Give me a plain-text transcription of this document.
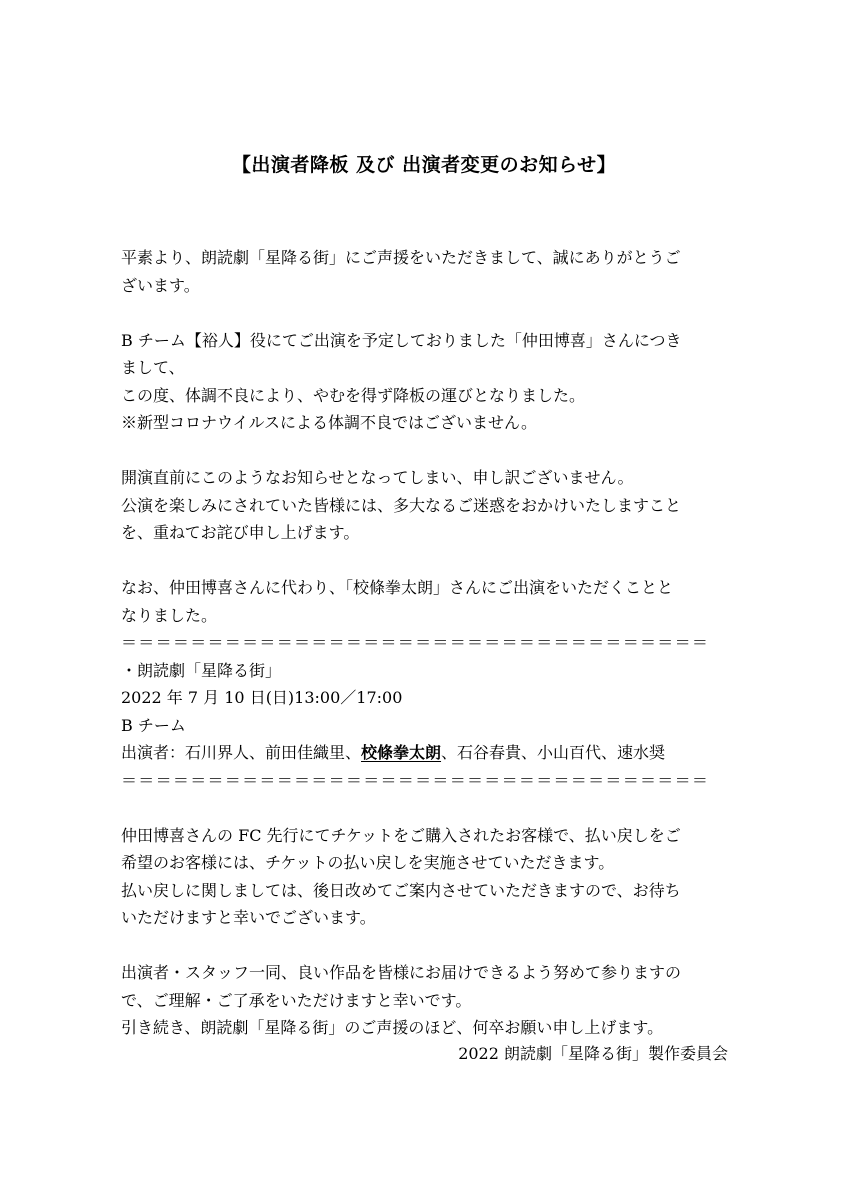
【出演者降板 及び 出演者変更のお知らせ】

平素より、朗読劇「星降る街」にご声援をいただきまして、誠にありがとうご

ざいます。

B チーム【裕人】役にてご出演を予定しておりました「仲田博喜」さんにつき

まして、

この度、体調不良により、やむを得ず降板の運びとなりました。

※新型コロナウイルスによる体調不良ではございません。

開演直前にこのようなお知らせとなってしまい、申し訳ございません。

公演を楽しみにされていた皆様には、多大なるご迷惑をおかけいたしますこと

を、重ねてお詫び申し上げます。

なお、仲田博喜さんに代わり、「校條拳太朗」さんにご出演をいただくことと

なりました。

＝＝＝＝＝＝＝＝＝＝＝＝＝＝＝＝＝＝＝＝＝＝＝＝＝＝＝＝＝＝＝＝＝＝

・朗読劇「星降る街」

2022 年 7 月 10 日(日)13:00／17:00

B チーム

出演者：石川界人、前田佳織里、校條拳太朗、石谷春貴、小山百代、速水奨

＝＝＝＝＝＝＝＝＝＝＝＝＝＝＝＝＝＝＝＝＝＝＝＝＝＝＝＝＝＝＝＝＝＝

仲田博喜さんの FC 先行にてチケットをご購入されたお客様で、払い戻しをご

希望のお客様には、チケットの払い戻しを実施させていただきます。

払い戻しに関しましては、後日改めてご案内させていただきますので、お待ち

いただけますと幸いでございます。

出演者・スタッフ一同、良い作品を皆様にお届けできるよう努めて参りますの

で、ご理解・ご了承をいただけますと幸いです。

引き続き、朗読劇「星降る街」のご声援のほど、何卒お願い申し上げます。

2022 朗読劇「星降る街」製作委員会
